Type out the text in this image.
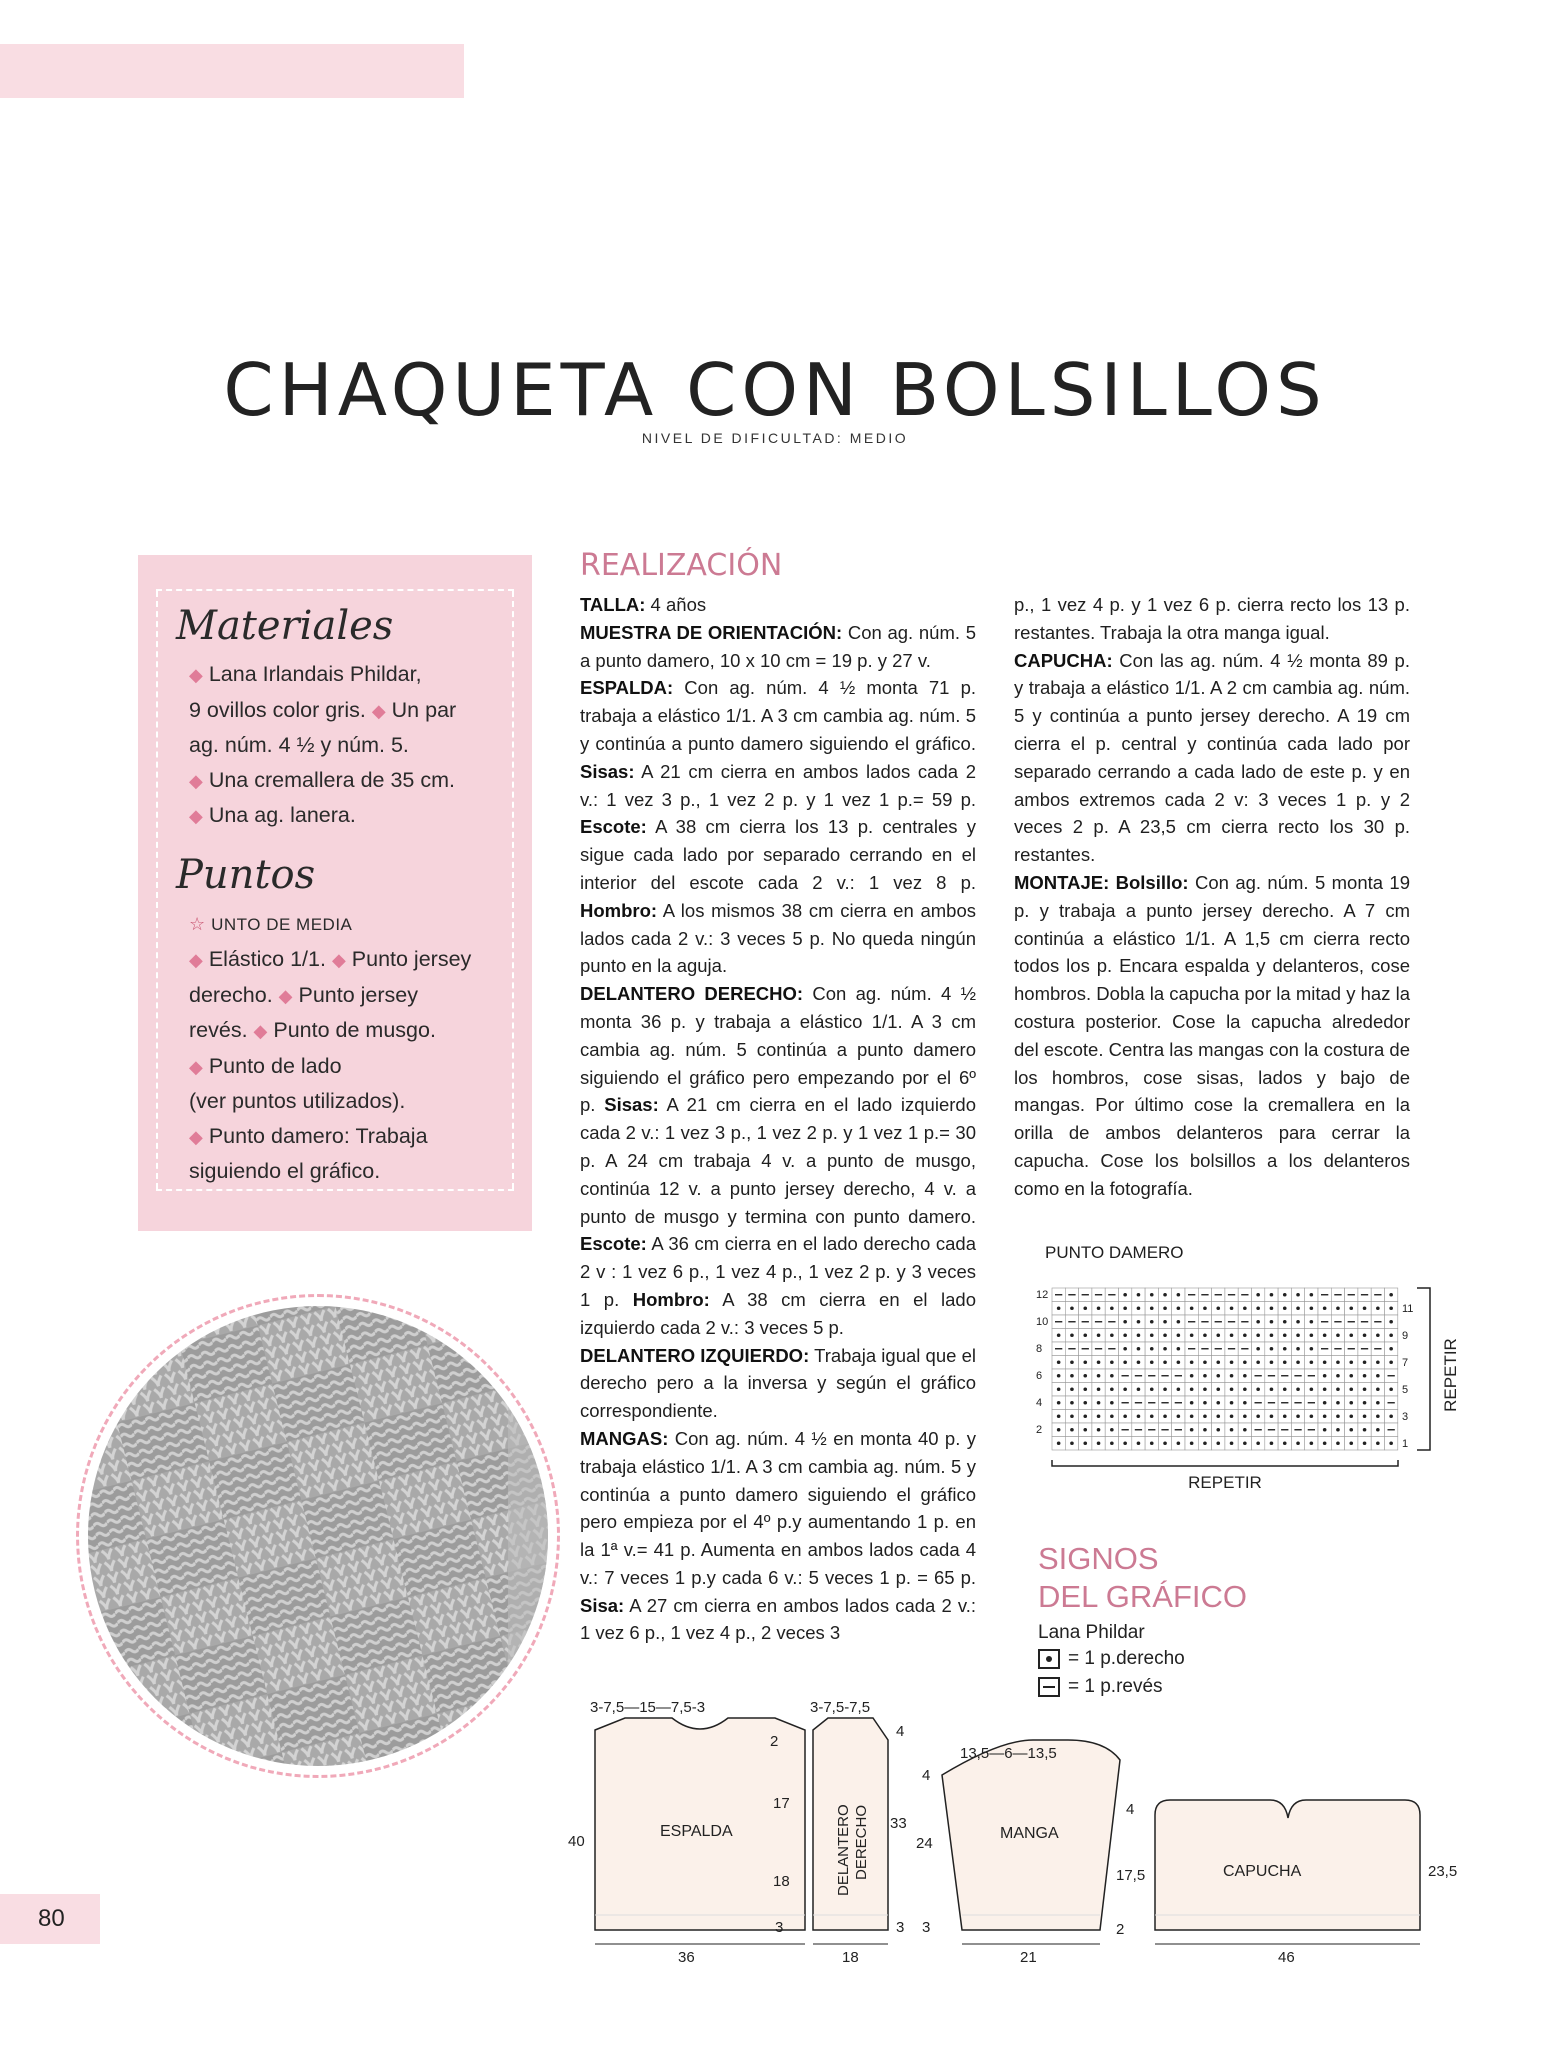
CHAQUETA CON BOLSILLOS
NIVEL DE DIFICULTAD: MEDIO
Materiales
◆ Lana Irlandais Phildar,
9 ovillos color gris. ◆ Un par
ag. núm. 4 ½ y núm. 5.
◆ Una cremallera de 35 cm.
◆ Una ag. lanera.
Puntos
☆ UNTO DE MEDIA
◆ Elástico 1/1. ◆ Punto jersey
derecho. ◆ Punto jersey
revés. ◆ Punto de musgo.
◆ Punto de lado
(ver puntos utilizados).
◆ Punto damero: Trabaja
siguiendo el gráfico.
REALIZACIÓN
TALLA: 4 años
MUESTRA DE ORIENTACIÓN: Con ag. núm. 5 a punto damero, 10 x 10 cm = 19 p. y 27 v.
ESPALDA: Con ag. núm. 4 ½ monta 71 p. trabaja a elástico 1/1. A 3 cm cambia ag. núm. 5 y continúa a punto damero siguiendo el gráfico. Sisas: A 21 cm cierra en ambos lados cada 2 v.: 1 vez 3 p., 1 vez 2 p. y 1 vez 1 p.= 59 p. Escote: A 38 cm cierra los 13 p. centrales y sigue cada lado por separado cerrando en el interior del escote cada 2 v.: 1 vez 8 p. Hombro: A los mismos 38 cm cierra en ambos lados cada 2 v.: 3 veces 5 p. No queda ningún punto en la aguja.
DELANTERO DERECHO: Con ag. núm. 4 ½ monta 36 p. y trabaja a elástico 1/1. A 3 cm cambia ag. núm. 5 continúa a punto damero siguiendo el gráfico pero empezando por el 6º p. Sisas: A 21 cm cierra en el lado izquierdo cada 2 v.: 1 vez 3 p., 1 vez 2 p. y 1 vez 1 p.= 30 p. A 24 cm trabaja 4 v. a punto de musgo, continúa 12 v. a punto jersey derecho, 4 v. a punto de musgo y termina con punto damero. Escote: A 36 cm cierra en el lado derecho cada 2 v : 1 vez 6 p., 1 vez 4 p., 1 vez 2 p. y 3 veces 1 p. Hombro: A 38 cm cierra en el lado izquierdo cada 2 v.: 3 veces 5 p.
DELANTERO IZQUIERDO: Trabaja igual que el derecho pero a la inversa y según el gráfico correspondiente.
MANGAS: Con ag. núm. 4 ½ en monta 40 p. y trabaja elástico 1/1. A 3 cm cambia ag. núm. 5 y continúa a punto damero siguiendo el gráfico pero empieza por el 4º p.y aumentando 1 p. en la 1ª v.= 41 p. Aumenta en ambos lados cada 4 v.: 7 veces 1 p.y cada 6 v.: 5 veces 1 p. = 65 p. Sisa: A 27 cm cierra en ambos lados cada 2 v.: 1 vez 6 p., 1 vez 4 p., 2 veces 3
p., 1 vez 4 p. y 1 vez 6 p. cierra recto los 13 p. restantes. Trabaja la otra manga igual.
CAPUCHA: Con las ag. núm. 4 ½ monta 89 p. y trabaja a elástico 1/1. A 2 cm cambia ag. núm. 5 y continúa a punto jersey derecho. A 19 cm cierra el p. central y continúa cada lado por separado cerrando a cada lado de este p. y en ambos extremos cada 2 v: 3 veces 1 p. y 2 veces 2 p. A 23,5 cm cierra recto los 30 p. restantes.
MONTAJE: Bolsillo: Con ag. núm. 5 monta 19 p. y trabaja a punto jersey derecho. A 7 cm continúa a elástico 1/1. A 1,5 cm cierra recto todos los p. Encara espalda y delanteros, cose hombros. Dobla la capucha por la mitad y haz la costura posterior. Cose la capucha alrededor del escote. Centra las mangas con la costura de los hombros, cose sisas, lados y bajo de mangas. Por último cose la cremallera en la orilla de ambos delanteros para cerrar la capucha. Cose los bolsillos a los delanteros como en la fotografía.
PUNTO DAMERO
12
10
8
6
4
2
11
9
7
5
3
1
REPETIR
REPETIR
SIGNOS
DEL GRÁFICO
Lana Phildar
= 1 p.derecho
= 1 p.revés
ESPALDA
3-7,5—15—7,5-3
2
17
18
3
40
36
DELANTERO DERECHO
3-7,5-7,5
4
33
3
18
MANGA
13,5—6—13,5
4
24
3
21
CAPUCHA
4
17,5
2
23,5
46
80
